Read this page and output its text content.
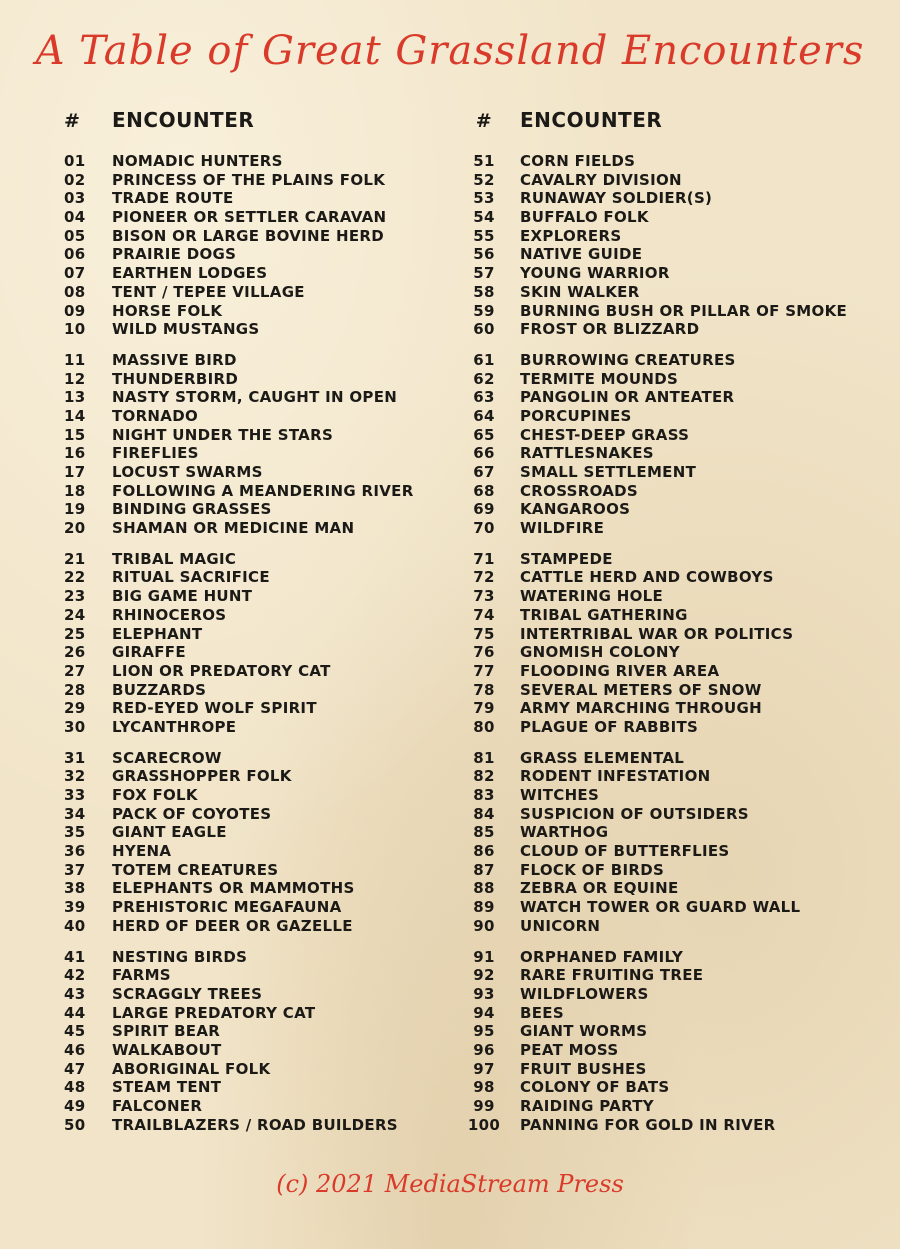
A Table of Great Grassland Encounters
#	ENCOUNTER
01	NOMADIC HUNTERS
02	PRINCESS OF THE PLAINS FOLK
03	TRADE ROUTE
04	PIONEER OR SETTLER CARAVAN
05	BISON OR LARGE BOVINE HERD
06	PRAIRIE DOGS
07	EARTHEN LODGES
08	TENT / TEPEE VILLAGE
09	HORSE FOLK
10	WILD MUSTANGS
11	MASSIVE BIRD
12	THUNDERBIRD
13	NASTY STORM, CAUGHT IN OPEN
14	TORNADO
15	NIGHT UNDER THE STARS
16	FIREFLIES
17	LOCUST SWARMS
18	FOLLOWING A MEANDERING RIVER
19	BINDING GRASSES
20	SHAMAN OR MEDICINE MAN
21	TRIBAL MAGIC
22	RITUAL SACRIFICE
23	BIG GAME HUNT
24	RHINOCEROS
25	ELEPHANT
26	GIRAFFE
27	LION OR PREDATORY CAT
28	BUZZARDS
29	RED-EYED WOLF SPIRIT
30	LYCANTHROPE
31	SCARECROW
32	GRASSHOPPER FOLK
33	FOX FOLK
34	PACK OF COYOTES
35	GIANT EAGLE
36	HYENA
37	TOTEM CREATURES
38	ELEPHANTS OR MAMMOTHS
39	PREHISTORIC MEGAFAUNA
40	HERD OF DEER OR GAZELLE
41	NESTING BIRDS
42	FARMS
43	SCRAGGLY TREES
44	LARGE PREDATORY CAT
45	SPIRIT BEAR
46	WALKABOUT
47	ABORIGINAL FOLK
48	STEAM TENT
49	FALCONER
50	TRAILBLAZERS / ROAD BUILDERS
#	ENCOUNTER
51	CORN FIELDS
52	CAVALRY DIVISION
53	RUNAWAY SOLDIER(S)
54	BUFFALO FOLK
55	EXPLORERS
56	NATIVE GUIDE
57	YOUNG WARRIOR
58	SKIN WALKER
59	BURNING BUSH OR PILLAR OF SMOKE
60	FROST OR BLIZZARD
61	BURROWING CREATURES
62	TERMITE MOUNDS
63	PANGOLIN OR ANTEATER
64	PORCUPINES
65	CHEST-DEEP GRASS
66	RATTLESNAKES
67	SMALL SETTLEMENT
68	CROSSROADS
69	KANGAROOS
70	WILDFIRE
71	STAMPEDE
72	CATTLE HERD AND COWBOYS
73	WATERING HOLE
74	TRIBAL GATHERING
75	INTERTRIBAL WAR OR POLITICS
76	GNOMISH COLONY
77	FLOODING RIVER AREA
78	SEVERAL METERS OF SNOW
79	ARMY MARCHING THROUGH
80	PLAGUE OF RABBITS
81	GRASS ELEMENTAL
82	RODENT INFESTATION
83	WITCHES
84	SUSPICION OF OUTSIDERS
85	WARTHOG
86	CLOUD OF BUTTERFLIES
87	FLOCK OF BIRDS
88	ZEBRA OR EQUINE
89	WATCH TOWER OR GUARD WALL
90	UNICORN
91	ORPHANED FAMILY
92	RARE FRUITING TREE
93	WILDFLOWERS
94	BEES
95	GIANT WORMS
96	PEAT MOSS
97	FRUIT BUSHES
98	COLONY OF BATS
99	RAIDING PARTY
100 PANNING FOR GOLD IN RIVER
(c) 2021 MediaStream Press
